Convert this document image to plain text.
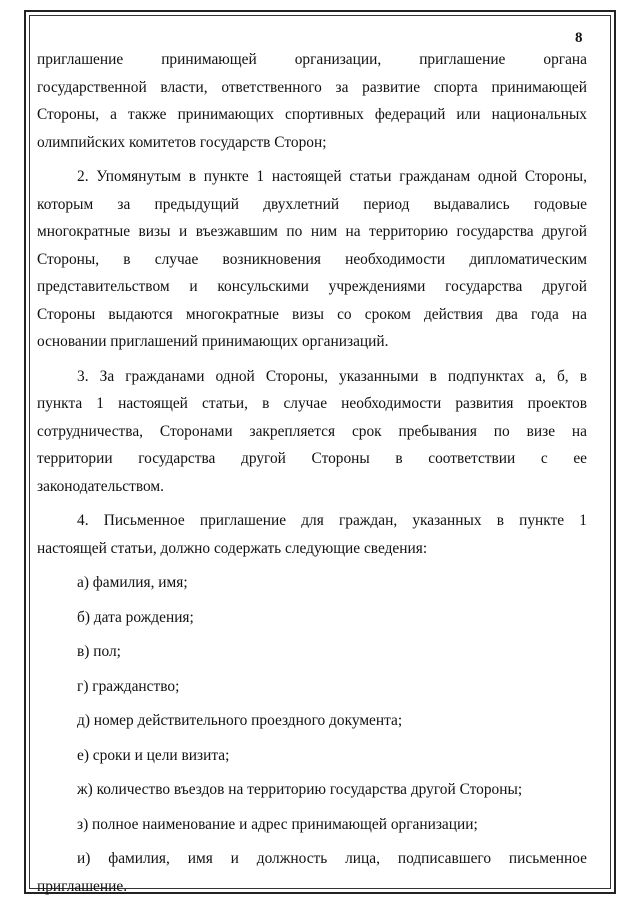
8

приглашение принимающей организации, приглашение органа

государственной власти, ответственного за развитие спорта принимающей

Стороны, а также принимающих спортивных федераций или национальных

олимпийских комитетов государств Сторон;

2. Упомянутым в пункте 1 настоящей статьи гражданам одной Стороны,

которым за предыдущий двухлетний период выдавались годовые

многократные визы и въезжавшим по ним на территорию государства другой

Стороны, в случае возникновения необходимости дипломатическим

представительством и консульскими учреждениями государства другой

Стороны выдаются многократные визы со сроком действия два года на

основании приглашений принимающих организаций.

3. За гражданами одной Стороны, указанными в подпунктах а, б, в

пункта 1 настоящей статьи, в случае необходимости развития проектов

сотрудничества, Сторонами закрепляется срок пребывания по визе на

территории государства другой Стороны в соответствии с ее

законодательством.

4. Письменное приглашение для граждан, указанных в пункте 1

настоящей статьи, должно содержать следующие сведения:

а) фамилия, имя;

б) дата рождения;

в) пол;

г) гражданство;

д) номер действительного проездного документа;

е) сроки и цели визита;

ж) количество въездов на территорию государства другой Стороны;

з) полное наименование и адрес принимающей организации;

и) фамилия, имя и должность лица, подписавшего письменное

приглашение.
